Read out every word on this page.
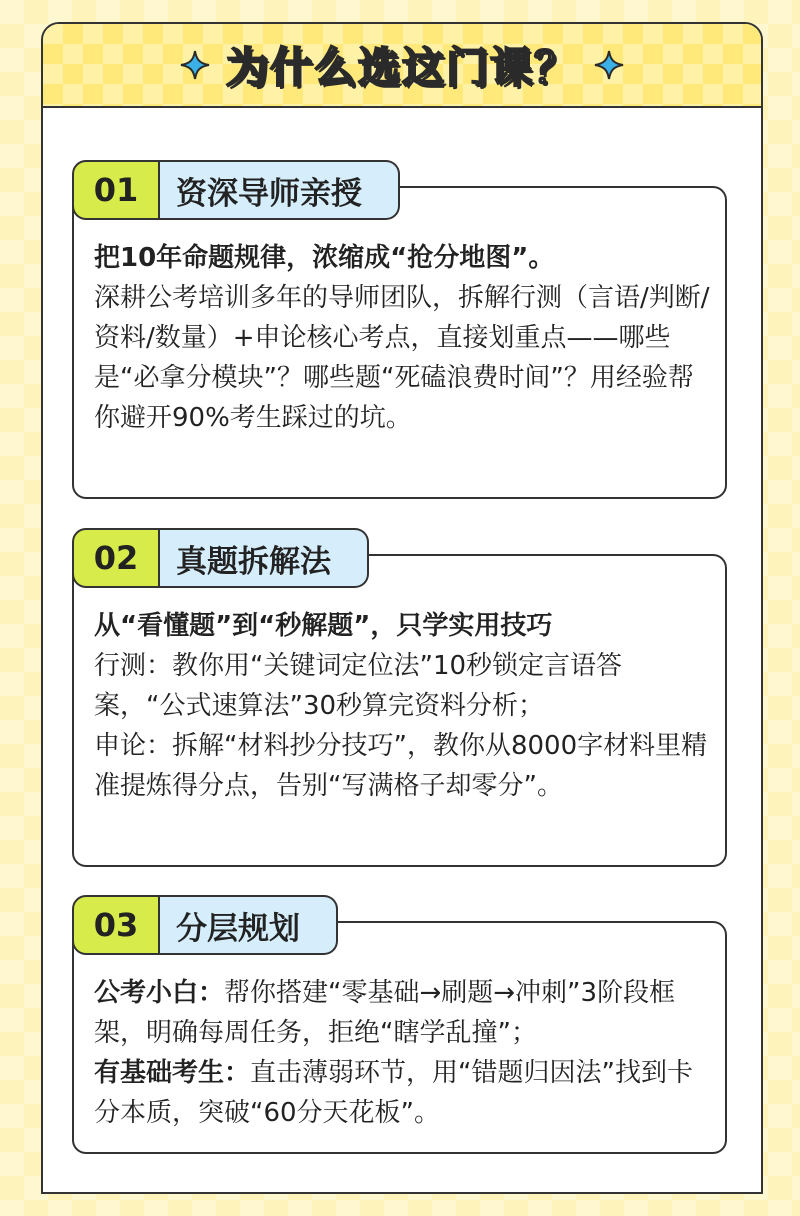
为什么选这门课？
01	资深导师亲授

把10年命题规律，浓缩成“抢分地图”。

深耕公考培训多年的导师团队，拆解行测（言语/判断/资料/数量）+申论核心考点，直接划重点——哪些是“必拿分模块”？哪些题“死磕浪费时间”？用经验帮你避开90%考生踩过的坑。

02	真题拆解法

从“看懂题”到“秒解题”，只学实用技巧

行测：教你用“关键词定位法”10秒锁定言语答案，“公式速算法”30秒算完资料分析；

申论：拆解“材料抄分技巧”，教你从8000字材料里精准提炼得分点，告别“写满格子却零分”。

03	分层规划

公考小白：帮你搭建“零基础→刷题→冲刺”3阶段框架，明确每周任务，拒绝“瞎学乱撞”；

有基础考生：直击薄弱环节，用“错题归因法”找到卡分本质，突破“60分天花板”。
